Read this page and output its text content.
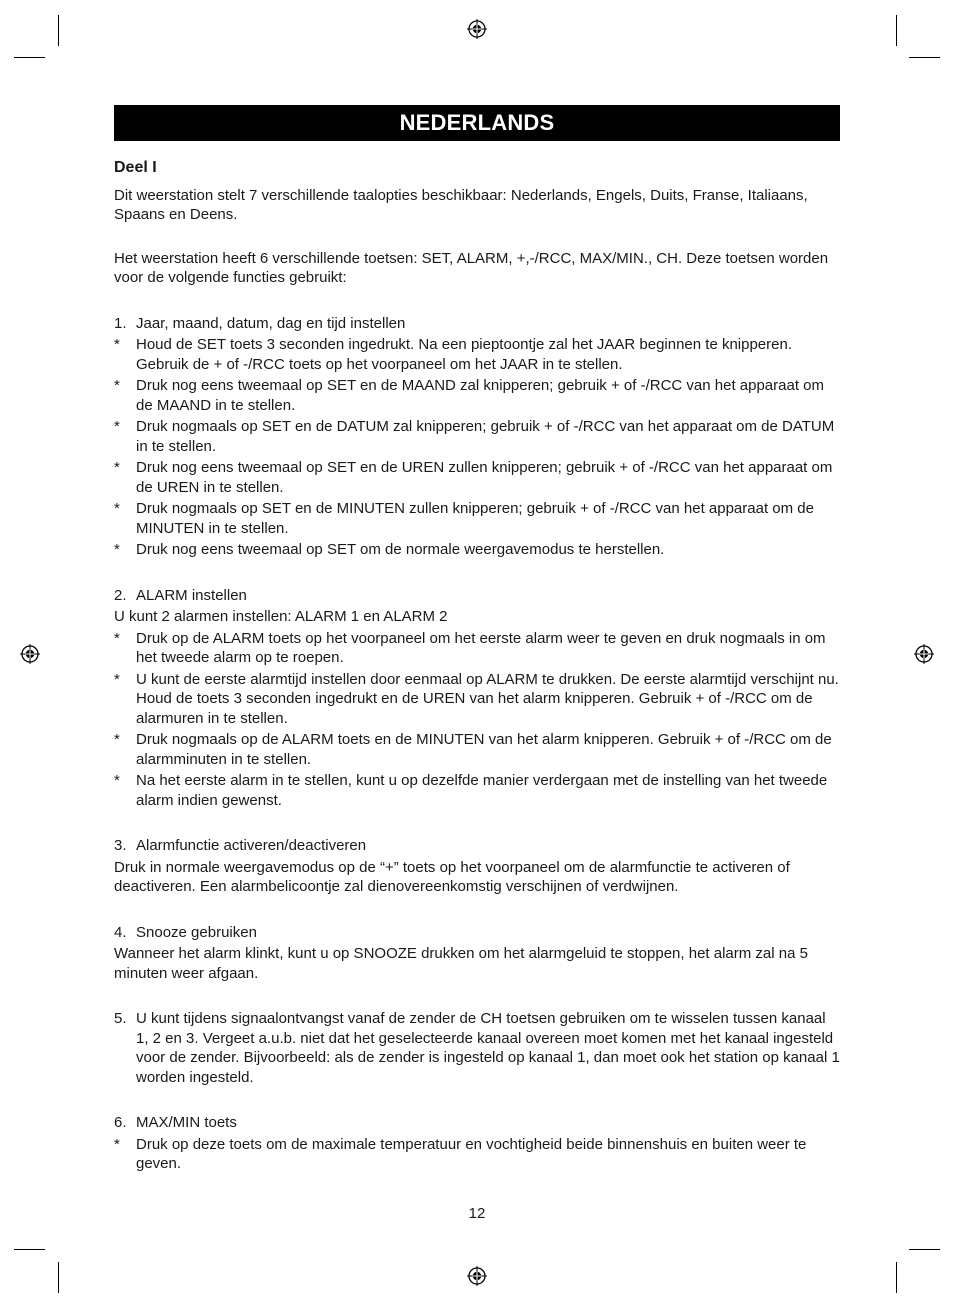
NEDERLANDS
Deel I

Dit weerstation stelt 7 verschillende taalopties beschikbaar: Nederlands, Engels, Duits, Franse, Italiaans, Spaans en Deens.

Het weerstation heeft 6 verschillende toetsen: SET, ALARM, +,-/RCC, MAX/MIN., CH. Deze toetsen worden voor de volgende functies gebruikt:

1. Jaar, maand, datum, dag en tijd instellen
*	Houd de SET toets 3 seconden ingedrukt. Na een pieptoontje zal het JAAR beginnen te knipperen. Gebruik de + of -/RCC toets op het voorpaneel om het JAAR in te stellen.
*	Druk nog eens tweemaal op SET en de MAAND zal knipperen; gebruik + of -/RCC van het apparaat om de MAAND in te stellen.
*	Druk nogmaals op SET en de DATUM zal knipperen; gebruik + of -/RCC van het apparaat om de DATUM in te stellen.
*	Druk nog eens tweemaal op SET en de UREN zullen knipperen; gebruik + of -/RCC van het apparaat om de UREN in te stellen.
*	Druk nogmaals op SET en de MINUTEN zullen knipperen; gebruik + of -/RCC van het apparaat om de MINUTEN in te stellen.
*	Druk nog eens tweemaal op SET om de normale weergavemodus te herstellen.
2. ALARM instellen

U kunt 2 alarmen instellen: ALARM 1 en ALARM 2

*	Druk op de ALARM toets op het voorpaneel om het eerste alarm weer te geven en druk nogmaals in om het tweede alarm op te roepen.
*	U kunt de eerste alarmtijd instellen door eenmaal op ALARM te drukken. De eerste alarmtijd verschijnt nu. Houd de toets 3 seconden ingedrukt en de UREN van het alarm knipperen. Gebruik + of -/RCC om de alarmuren in te stellen.
*	Druk nogmaals op de ALARM toets en de MINUTEN van het alarm knipperen. Gebruik + of -/RCC om de alarmminuten in te stellen.
*	Na het eerste alarm in te stellen, kunt u op dezelfde manier verdergaan met de instelling van het tweede alarm indien gewenst.
3. Alarmfunctie activeren/deactiveren

Druk in normale weergavemodus op de “+” toets op het voorpaneel om de alarmfunctie te activeren of deactiveren. Een alarmbelicoontje zal dienovereenkomstig verschijnen of verdwijnen.

4. Snooze gebruiken

Wanneer het alarm klinkt, kunt u op SNOOZE drukken om het alarmgeluid te stoppen, het alarm zal na 5 minuten weer afgaan.

5. U kunt tijdens signaalontvangst vanaf de zender de CH toetsen gebruiken om te wisselen tussen kanaal 1, 2 en 3. Vergeet a.u.b. niet dat het geselecteerde kanaal overeen moet komen met het kanaal ingesteld voor de zender. Bijvoorbeeld: als de zender is ingesteld op kanaal 1, dan moet ook het station op kanaal 1 worden ingesteld.
6. MAX/MIN toets
*	Druk op deze toets om de maximale temperatuur en vochtigheid beide binnenshuis en buiten weer te geven.
12
